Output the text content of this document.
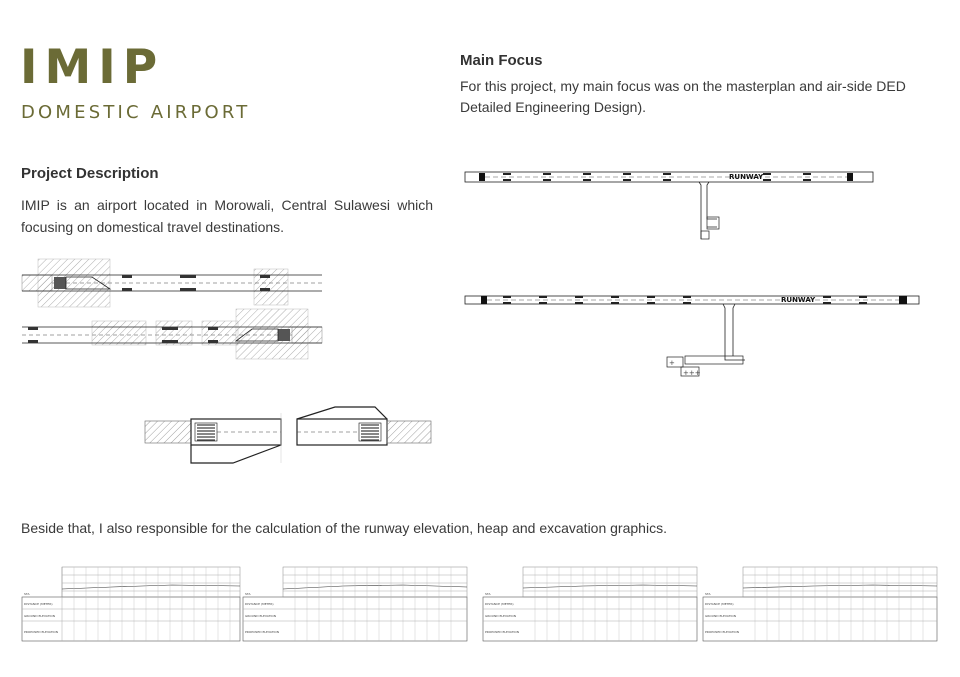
IMIP
DOMESTIC AIRPORT
Project Description
IMIP is an airport located in Morowali, Central Sulawesi which focusing on domestical travel destinations.
Main Focus
For this project, my main focus was on the masterplan and air-side DED Detailed Engineering Design).
RUNWAY
RUNWAY
+
+++
Beside that, I also responsible for the calculation of the runway elevation, heap and excavation graphics.
STA
DISTANCE (METER)
GROUND ELEVATION
PROPOSED ELEVATION
STA
DISTANCE (METER)
GROUND ELEVATION
PROPOSED ELEVATION
STA
DISTANCE (METER)
GROUND ELEVATION
PROPOSED ELEVATION
STA
DISTANCE (METER)
GROUND ELEVATION
PROPOSED ELEVATION
